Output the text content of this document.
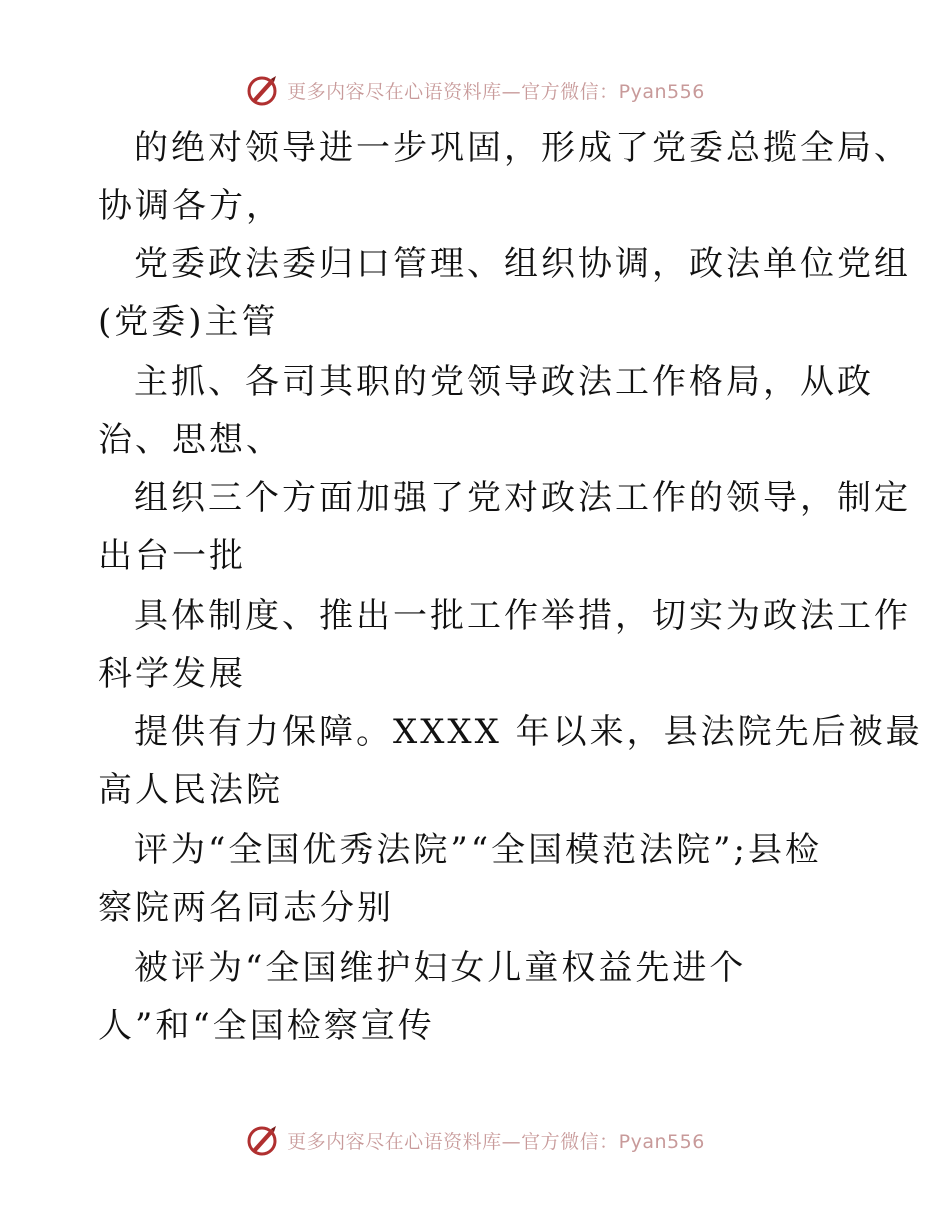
更多内容尽在心语资料库—官方微信：Pyan556
的绝对领导进一步巩固，形成了党委总揽全局、
协调各方，
党委政法委归口管理、组织协调，政法单位党组
(党委)主管
主抓、各司其职的党领导政法工作格局，从政
治、思想、
组织三个方面加强了党对政法工作的领导，制定
出台一批
具体制度、推出一批工作举措，切实为政法工作
科学发展
提供有力保障。XXXX 年以来，县法院先后被最
高人民法院
评为“全国优秀法院”“全国模范法院”;县检
察院两名同志分别
被评为“全国维护妇女儿童权益先进个
人”和“全国检察宣传
更多内容尽在心语资料库—官方微信：Pyan556
